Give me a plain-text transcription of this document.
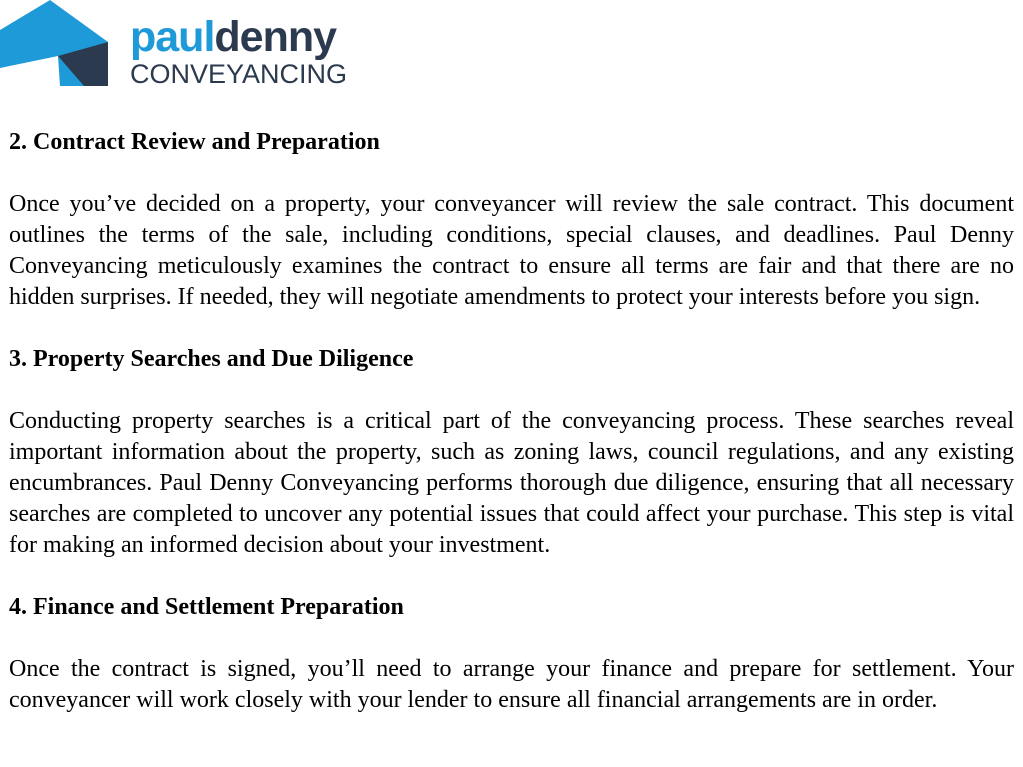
pauldenny
CONVEYANCING
2. Contract Review and Preparation
Once you’ve decided on a property, your conveyancer will review the sale contract. This document outlines the terms of the sale, including conditions, special clauses, and deadlines. Paul Denny Conveyancing meticulously examines the contract to ensure all terms are fair and that there are no hidden surprises. If needed, they will negotiate amendments to protect your interests before you sign.
3. Property Searches and Due Diligence
Conducting property searches is a critical part of the conveyancing process. These searches reveal important information about the property, such as zoning laws, council regulations, and any existing encumbrances. Paul Denny Conveyancing performs thorough due diligence, ensuring that all necessary searches are completed to uncover any potential issues that could affect your purchase. This step is vital for making an informed decision about your investment.
4. Finance and Settlement Preparation
Once the contract is signed, you’ll need to arrange your finance and prepare for settlement. Your conveyancer will work closely with your lender to ensure all financial arrangements are in order.
